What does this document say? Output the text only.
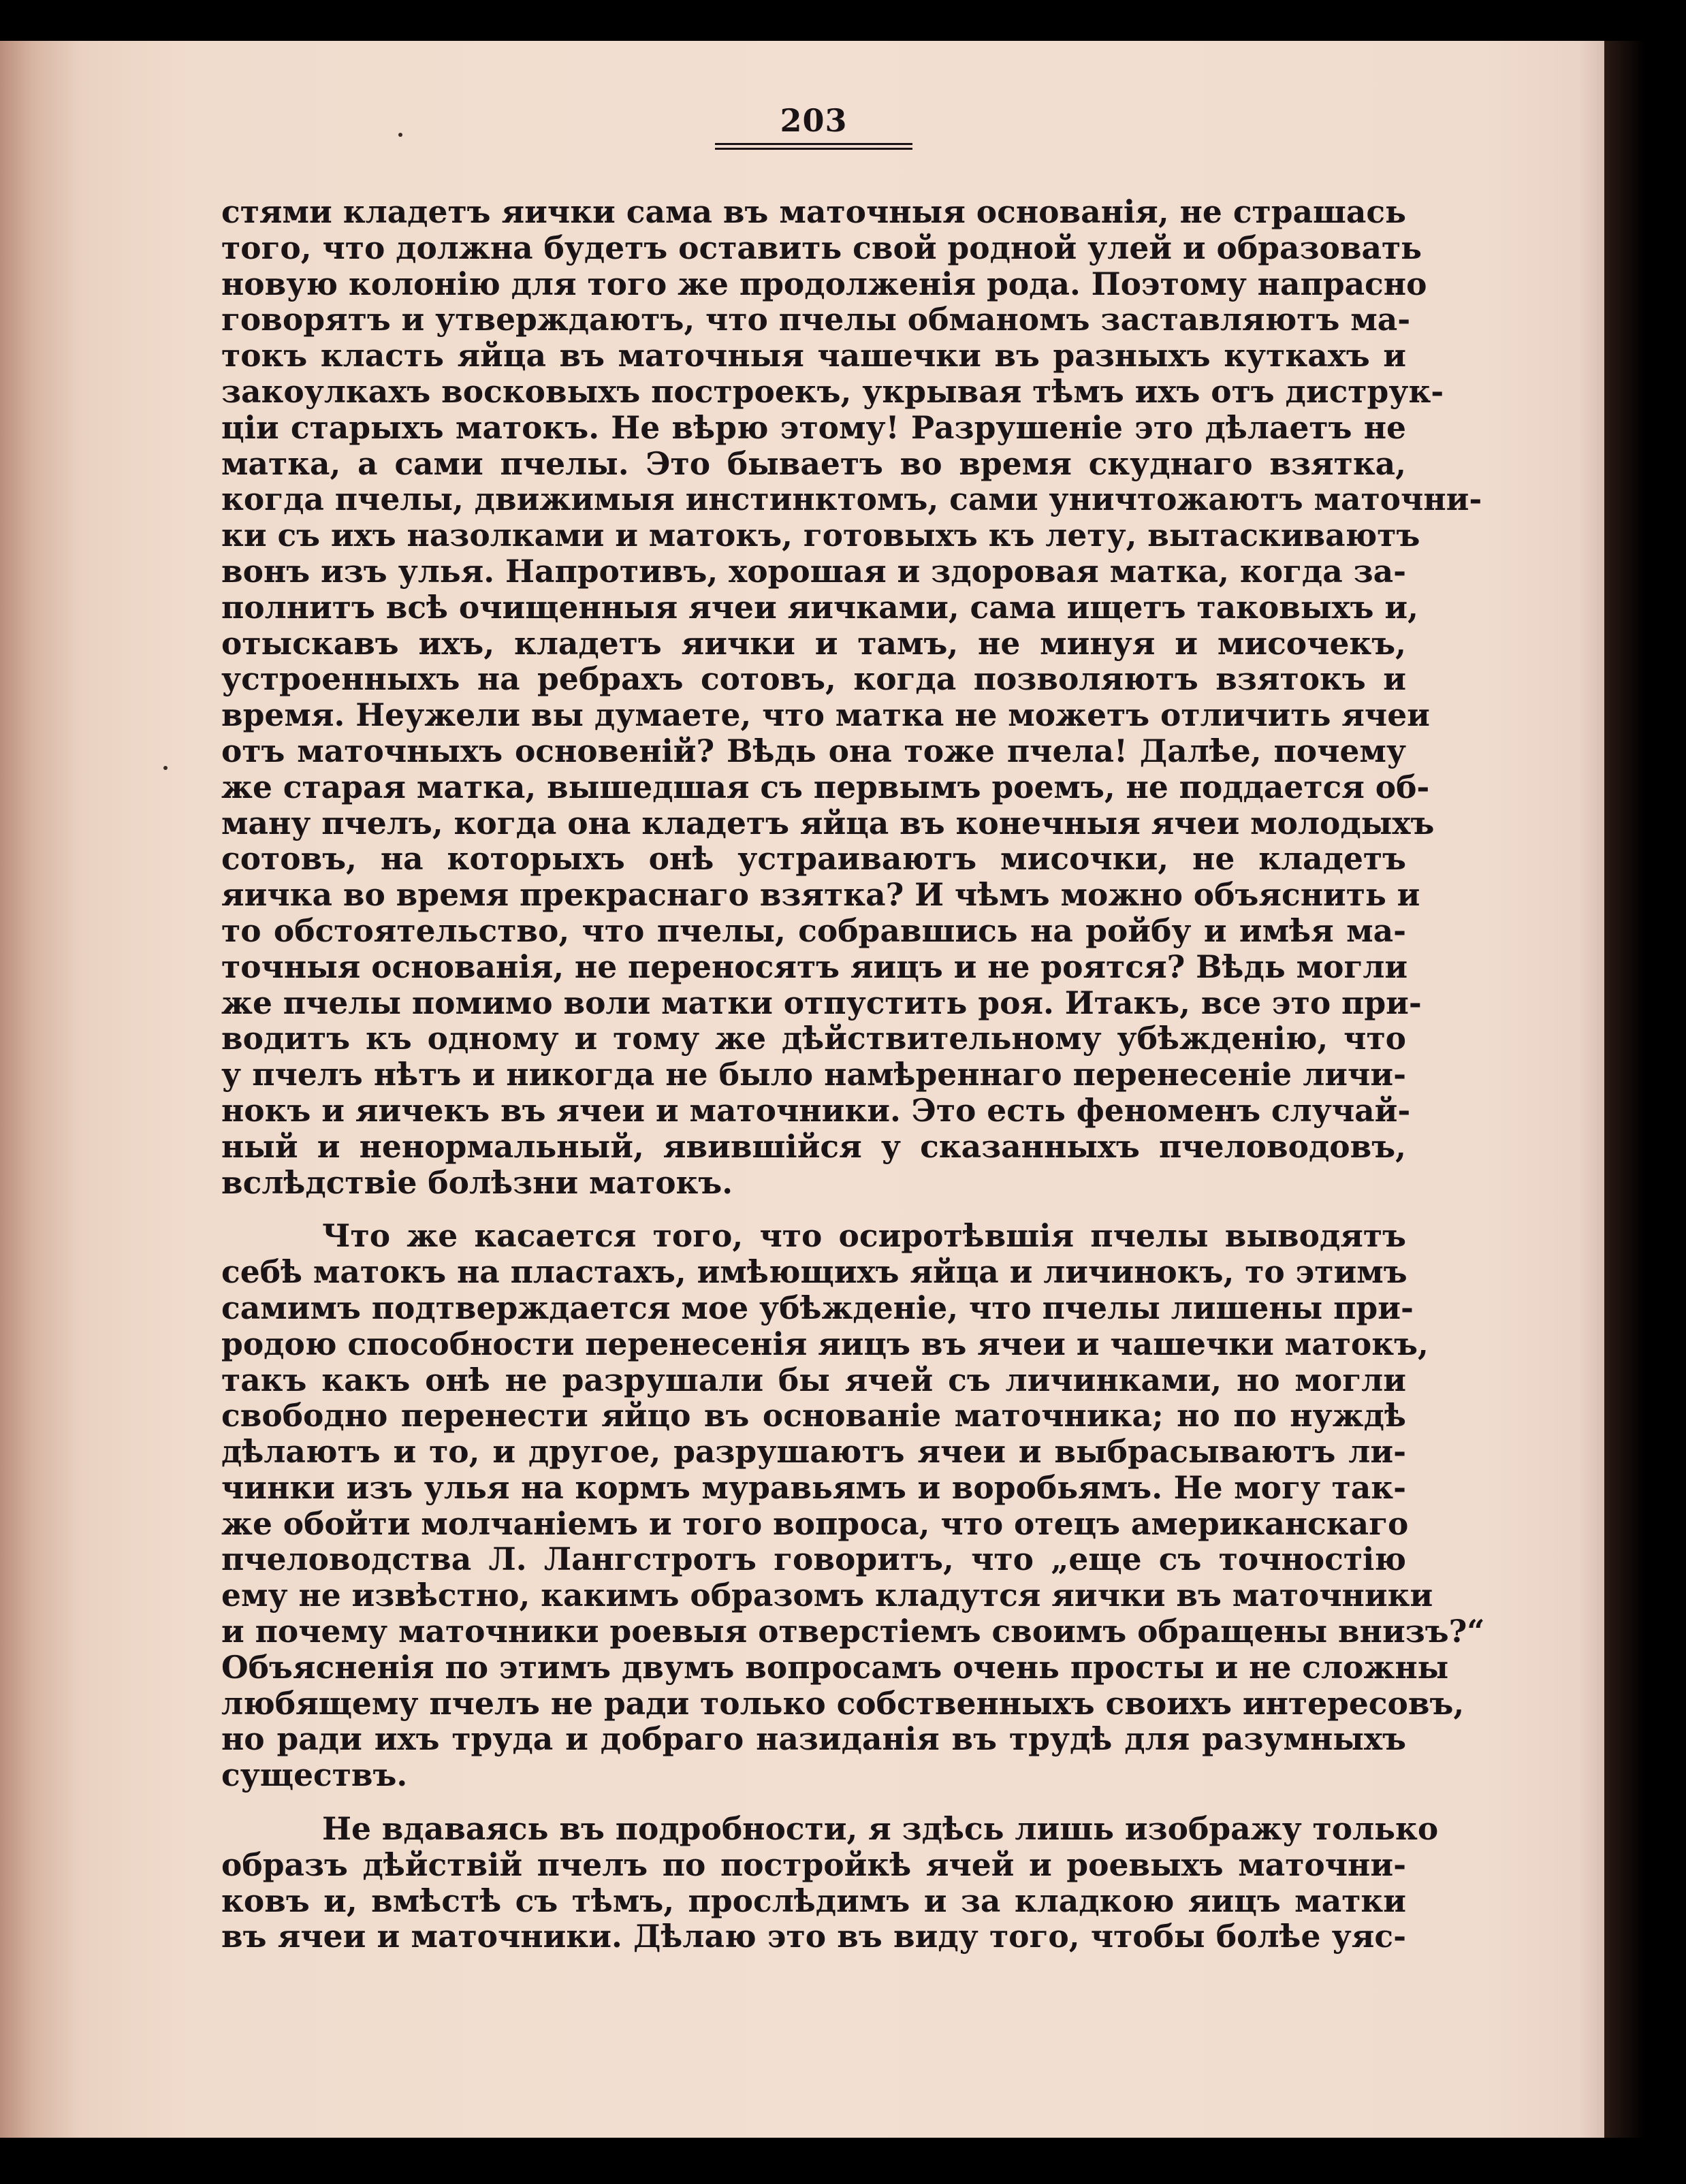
203
стями кладетъ яички сама въ маточныя основанія, не страшась
того, что должна будетъ оставить свой родной улей и образовать
новую колонію для того же продолженія рода. Поэтому напрасно
говорятъ и утверждаютъ, что пчелы обманомъ заставляютъ ма-
токъ класть яйца въ маточныя чашечки въ разныхъ куткахъ и
закоулкахъ восковыхъ построекъ, укрывая тѣмъ ихъ отъ диструк-
ціи старыхъ матокъ. Не вѣрю этому! Разрушеніе это дѣлаетъ не
матка, а сами пчелы. Это бываетъ во время скуднаго взятка,
когда пчелы, движимыя инстинктомъ, сами уничтожаютъ маточни-
ки съ ихъ назолками и матокъ, готовыхъ къ лету, вытаскиваютъ
вонъ изъ улья. Напротивъ, хорошая и здоровая матка, когда за-
полнитъ всѣ очищенныя ячеи яичками, сама ищетъ таковыхъ и,
отыскавъ ихъ, кладетъ яички и тамъ, не минуя и мисочекъ,
устроенныхъ на ребрахъ сотовъ, когда позволяютъ взятокъ и
время. Неужели вы думаете, что матка не можетъ отличить ячеи
отъ маточныхъ основеній? Вѣдь она тоже пчела! Далѣе, почему
же старая матка, вышедшая съ первымъ роемъ, не поддается об-
ману пчелъ, когда она кладетъ яйца въ конечныя ячеи молодыхъ
сотовъ, на которыхъ онѣ устраиваютъ мисочки, не кладетъ
яичка во время прекраснаго взятка? И чѣмъ можно объяснить и
то обстоятельство, что пчелы, собравшись на ройбу и имѣя ма-
точныя основанія, не переносятъ яицъ и не роятся? Вѣдь могли
же пчелы помимо воли матки отпустить роя. Итакъ, все это при-
водитъ къ одному и тому же дѣйствительному убѣжденію, что
у пчелъ нѣтъ и никогда не было намѣреннаго перенесеніе личи-
нокъ и яичекъ въ ячеи и маточники. Это есть феноменъ случай-
ный и ненормальный, явившійся у сказанныхъ пчеловодовъ,
вслѣдствіе болѣзни матокъ.
Что же касается того, что осиротѣвшія пчелы выводятъ
себѣ матокъ на пластахъ, имѣющихъ яйца и личинокъ, то этимъ
самимъ подтверждается мое убѣжденіе, что пчелы лишены при-
родою способности перенесенія яицъ въ ячеи и чашечки матокъ,
такъ какъ онѣ не разрушали бы ячей съ личинками, но могли
свободно перенести яйцо въ основаніе маточника; но по нуждѣ
дѣлаютъ и то, и другое, разрушаютъ ячеи и выбрасываютъ ли-
чинки изъ улья на кормъ муравьямъ и воробьямъ. Не могу так-
же обойти молчаніемъ и того вопроса, что отецъ американскаго
пчеловодства Л. Лангстротъ говоритъ, что „еще съ точностію
ему не извѣстно, какимъ образомъ кладутся яички въ маточники
и почему маточники роевыя отверстіемъ своимъ обращены внизъ?“
Объясненія по этимъ двумъ вопросамъ очень просты и не сложны
любящему пчелъ не ради только собственныхъ своихъ интересовъ,
но ради ихъ труда и добраго назиданія въ трудѣ для разумныхъ
существъ.
Не вдаваясь въ подробности, я здѣсь лишь изображу только
образъ дѣйствій пчелъ по постройкѣ ячей и роевыхъ маточни-
ковъ и, вмѣстѣ съ тѣмъ, прослѣдимъ и за кладкою яицъ матки
въ ячеи и маточники. Дѣлаю это въ виду того, чтобы болѣе уяс-
